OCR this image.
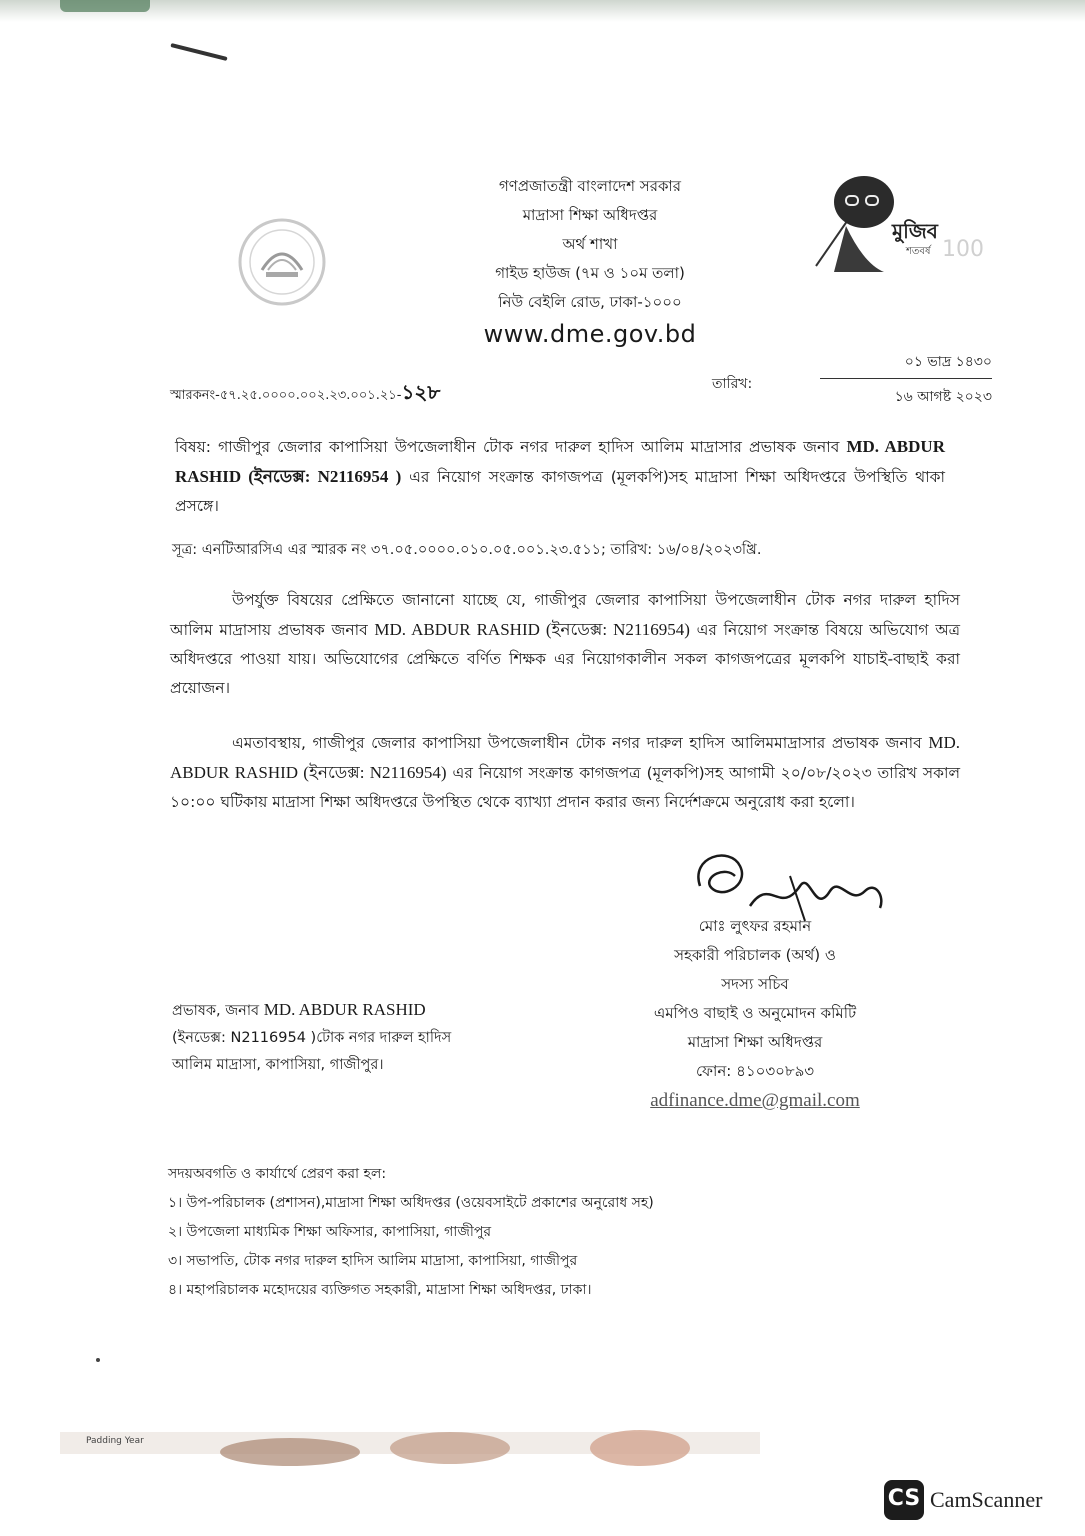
গণপ্রজাতন্ত্রী বাংলাদেশ সরকার
মাদ্রাসা শিক্ষা অধিদপ্তর
অর্থ শাখা
গাইড হাউজ (৭ম ও ১০ম তলা)
নিউ বেইলি রোড, ঢাকা-১০০০
www.dme.gov.bd
মুজিব
শতবর্ষ 100
স্মারকনং-৫৭.২৫.০০০০.০০২.২৩.০০১.২১-১২৮	তারিখ:
০১ ভাদ্র ১৪৩০
১৬ আগষ্ট ২০২৩
বিষয়: গাজীপুর জেলার কাপাসিয়া উপজেলাধীন টোক নগর দারুল হাদিস আলিম মাদ্রাসার প্রভাষক জনাব MD. ABDUR RASHID (ইনডেক্স: N2116954 ) এর নিয়োগ সংক্রান্ত কাগজপত্র (মূলকপি)সহ মাদ্রাসা শিক্ষা অধিদপ্তরে উপস্থিতি থাকা প্রসঙ্গে।
সূত্র: এনটিআরসিএ এর স্মারক নং ৩৭.০৫.০০০০.০১০.০৫.০০১.২৩.৫১১; তারিখ: ১৬/০৪/২০২৩খ্রি.
উপর্যুক্ত বিষয়ের প্রেক্ষিতে জানানো যাচ্ছে যে, গাজীপুর জেলার কাপাসিয়া উপজেলাধীন টোক নগর দারুল হাদিস আলিম মাদ্রাসায় প্রভাষক জনাব MD. ABDUR RASHID (ইনডেক্স: N2116954) এর নিয়োগ সংক্রান্ত বিষয়ে অভিযোগ অত্র অধিদপ্তরে পাওয়া যায়। অভিযোগের প্রেক্ষিতে বর্ণিত শিক্ষক এর নিয়োগকালীন সকল কাগজপত্রের মূলকপি যাচাই-বাছাই করা প্রয়োজন।
এমতাবস্থায়, গাজীপুর জেলার কাপাসিয়া উপজেলাধীন টোক নগর দারুল হাদিস আলিমমাদ্রাসার প্রভাষক জনাব MD. ABDUR RASHID (ইনডেক্স: N2116954) এর নিয়োগ সংক্রান্ত কাগজপত্র (মূলকপি)সহ আগামী ২০/০৮/২০২৩ তারিখ সকাল ১০:০০ ঘটিকায় মাদ্রাসা শিক্ষা অধিদপ্তরে উপস্থিত থেকে ব্যাখ্যা প্রদান করার জন্য নির্দেশক্রমে অনুরোধ করা হলো।
মোঃ লুৎফর রহমান
সহকারী পরিচালক (অর্থ) ও
সদস্য সচিব
এমপিও বাছাই ও অনুমোদন কমিটি
মাদ্রাসা শিক্ষা অধিদপ্তর
ফোন: ৪১০৩০৮৯৩
adfinance.dme@gmail.com
প্রভাষক, জনাব MD. ABDUR RASHID
(ইনডেক্স: N2116954 )টোক নগর দারুল হাদিস
আলিম মাদ্রাসা, কাপাসিয়া, গাজীপুর।
সদয়অবগতি ও কার্যার্থে প্রেরণ করা হল:
১। উপ-পরিচালক (প্রশাসন),মাদ্রাসা শিক্ষা অধিদপ্তর (ওয়েবসাইটে প্রকাশের অনুরোধ সহ)
২। উপজেলা মাধ্যমিক শিক্ষা অফিসার, কাপাসিয়া, গাজীপুর
৩। সভাপতি, টোক নগর দারুল হাদিস আলিম মাদ্রাসা, কাপাসিয়া, গাজীপুর
৪। মহাপরিচালক মহোদয়ের ব্যক্তিগত সহকারী, মাদ্রাসা শিক্ষা অধিদপ্তর, ঢাকা।
Padding Year
CS CamScanner
